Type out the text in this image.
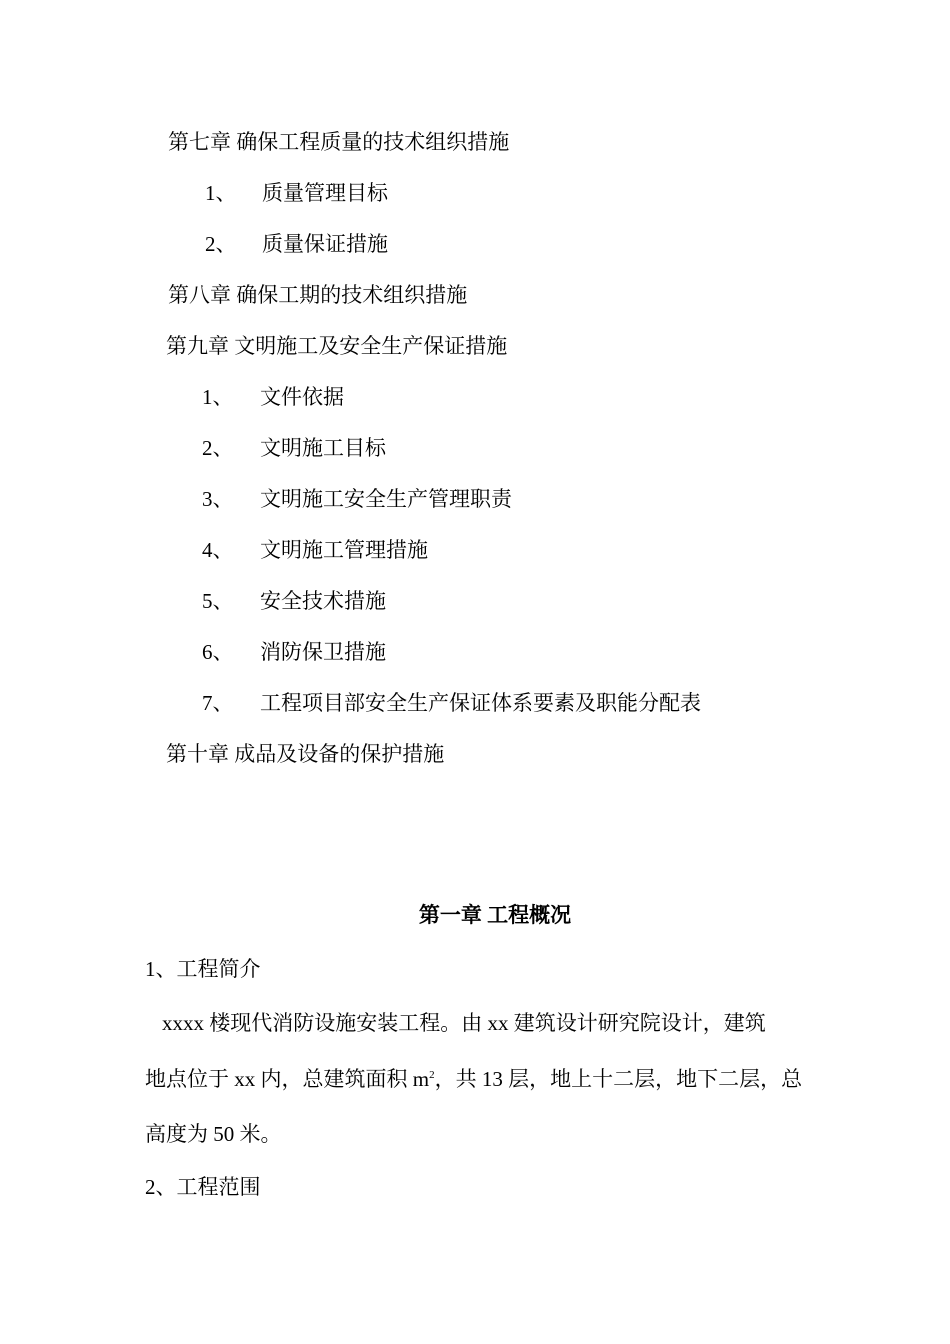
第七章 确保工程质量的技术组织措施
1、 质量管理目标
2、 质量保证措施
第八章 确保工期的技术组织措施
第九章 文明施工及安全生产保证措施
1、 文件依据
2、 文明施工目标
3、 文明施工安全生产管理职责
4、 文明施工管理措施
5、 安全技术措施
6、 消防保卫措施
7、 工程项目部安全生产保证体系要素及职能分配表
第十章 成品及设备的保护措施
第一章 工程概况
1、工程简介
xxxx 楼现代消防设施安装工程。由 xx 建筑设计研究院设计，建筑
地点位于 xx 内，总建筑面积 $m^2$，共 13 层，地上十二层，地下二层，总
高度为 50 米。
2、工程范围
